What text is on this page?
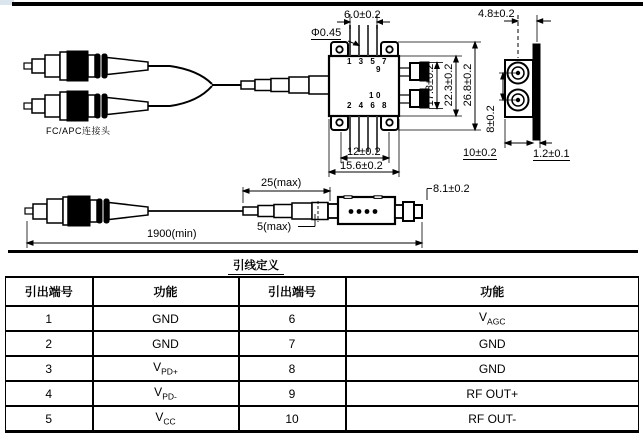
6.0±0.2
Φ0.45
4.8±0.2
1 3 5 7
2 4 6 8
9
10	17.8±0.2 22.3±0.2 26.8±0.2
12±0.2
15.6±0.2
8±0.2
10±0.2	1.2±0.1
FC/APC连接头
25(max)
5(max)
1900(min)
8.1±0.2
引线定义
引出端号	功能	引出端号	功能
1	GND	6	$V_{AGC}$
2	GND	7	GND
3	$V_{PD+}$	8	GND
4	$V_{PD-}$	9	RF OUT+
5	$V_{CC}$	10	RF OUT-
